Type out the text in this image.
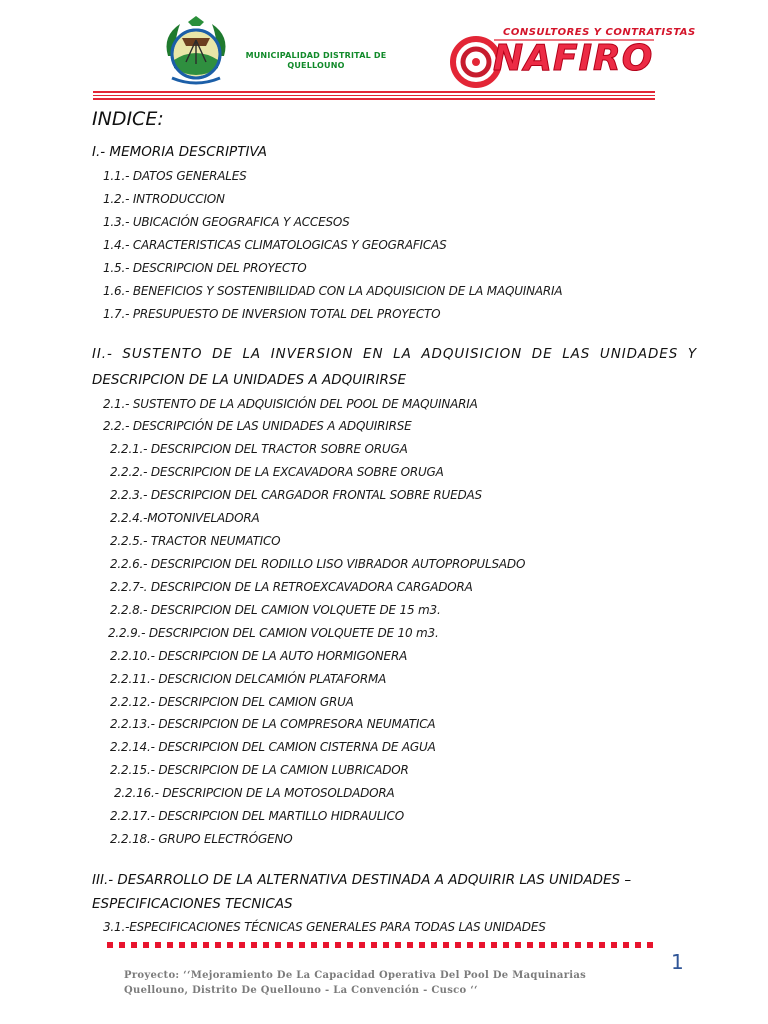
MUNICIPALIDAD DISTRITAL DE
QUELLOUNO
CONSULTORES Y CONTRATISTAS
NAFIRO
INDICE:
I.- MEMORIA DESCRIPTIVA
1.1.- DATOS GENERALES
1.2.- INTRODUCCION
1.3.- UBICACIÓN GEOGRAFICA Y ACCESOS
1.4.- CARACTERISTICAS CLIMATOLOGICAS Y GEOGRAFICAS
1.5.- DESCRIPCION DEL PROYECTO
1.6.- BENEFICIOS Y SOSTENIBILIDAD CON LA ADQUISICION DE LA MAQUINARIA
1.7.- PRESUPUESTO DE INVERSION TOTAL DEL PROYECTO
II.- SUSTENTO DE LA INVERSION EN LA ADQUISICION DE LAS UNIDADES Y
DESCRIPCION DE LA UNIDADES A ADQUIRIRSE
2.1.- SUSTENTO DE LA ADQUISICIÓN DEL POOL DE MAQUINARIA
2.2.- DESCRIPCIÓN DE LAS UNIDADES A ADQUIRIRSE
2.2.1.- DESCRIPCION DEL TRACTOR SOBRE ORUGA
2.2.2.- DESCRIPCION DE LA EXCAVADORA SOBRE ORUGA
2.2.3.- DESCRIPCION DEL CARGADOR FRONTAL SOBRE RUEDAS
2.2.4.-MOTONIVELADORA
2.2.5.- TRACTOR NEUMATICO
2.2.6.- DESCRIPCION DEL RODILLO LISO VIBRADOR AUTOPROPULSADO
2.2.7-. DESCRIPCION DE LA RETROEXCAVADORA CARGADORA
2.2.8.- DESCRIPCION DEL CAMION VOLQUETE DE 15 m3.
2.2.9.- DESCRIPCION DEL CAMION VOLQUETE DE 10 m3.
2.2.10.- DESCRIPCION DE LA AUTO HORMIGONERA
2.2.11.- DESCRICION DELCAMIÓN PLATAFORMA
2.2.12.- DESCRIPCION DEL CAMION GRUA
2.2.13.- DESCRIPCION DE LA COMPRESORA NEUMATICA
2.2.14.- DESCRIPCION DEL CAMION CISTERNA DE AGUA
2.2.15.- DESCRIPCION DE LA CAMION LUBRICADOR
2.2.16.- DESCRIPCION DE LA MOTOSOLDADORA
2.2.17.- DESCRIPCION DEL MARTILLO HIDRAULICO
2.2.18.- GRUPO ELECTRÓGENO
III.- DESARROLLO DE LA ALTERNATIVA DESTINADA A ADQUIRIR LAS UNIDADES –
ESPECIFICACIONES TECNICAS
3.1.-ESPECIFICACIONES TÉCNICAS GENERALES PARA TODAS LAS UNIDADES
1
Proyecto: ‘‘Mejoramiento De La Capacidad Operativa Del Pool De Maquinarias
Quellouno, Distrito De Quellouno - La Convención - Cusco ‘‘
